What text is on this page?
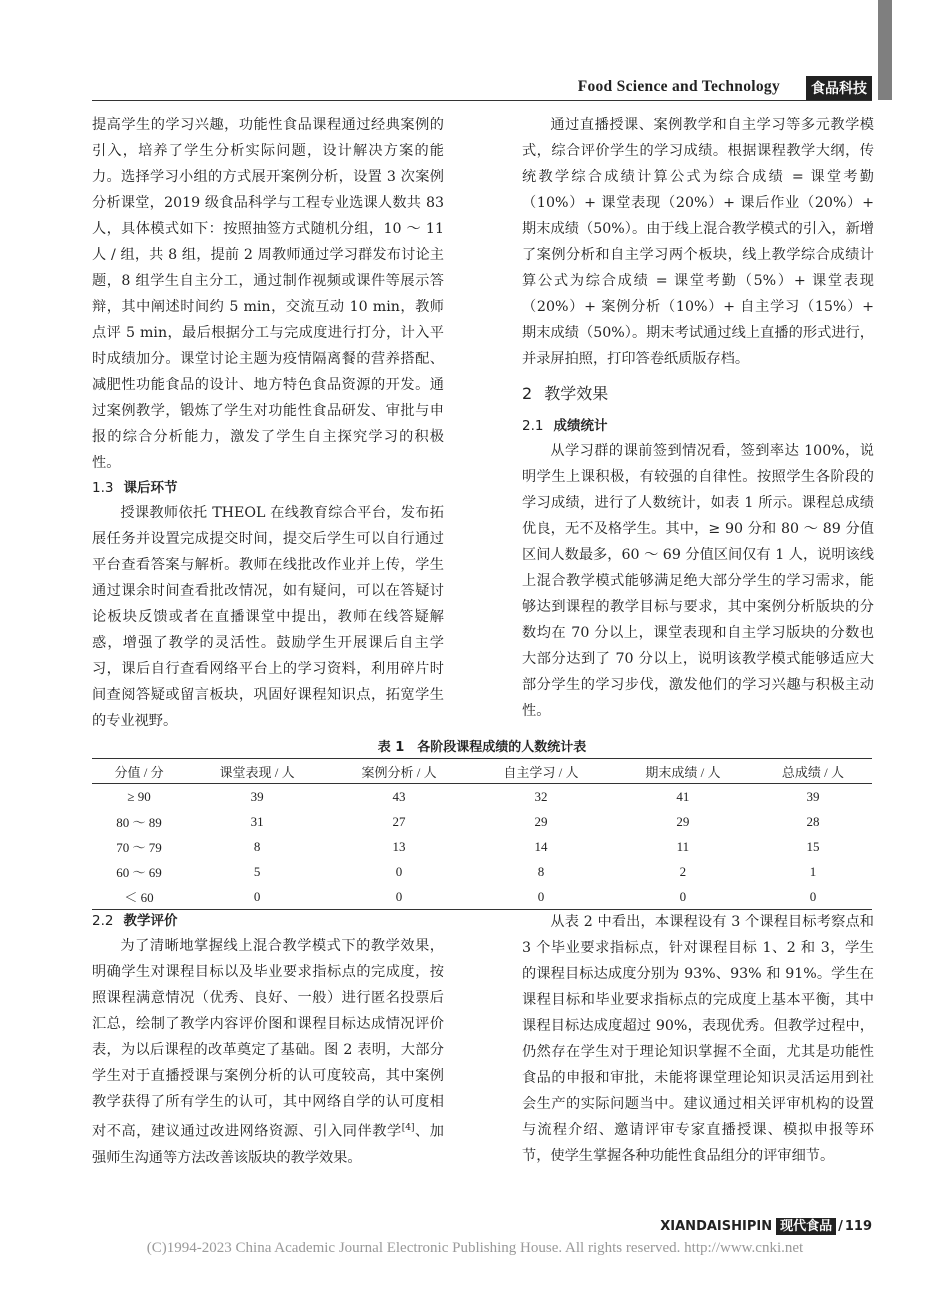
Food Science and Technology	食品科技

提高学生的学习兴趣，功能性食品课程通过经典案例的引入，培养了学生分析实际问题，设计解决方案的能力。选择学习小组的方式展开案例分析，设置 3 次案例分析课堂，2019 级食品科学与工程专业选课人数共 83 人，具体模式如下：按照抽签方式随机分组，10 ～ 11 人 / 组，共 8 组，提前 2 周教师通过学习群发布讨论主题，8 组学生自主分工，通过制作视频或课件等展示答辩，其中阐述时间约 5 min，交流互动 10 min，教师点评 5 min，最后根据分工与完成度进行打分，计入平时成绩加分。课堂讨论主题为疫情隔离餐的营养搭配、减肥性功能食品的设计、地方特色食品资源的开发。通过案例教学，锻炼了学生对功能性食品研发、审批与申报的综合分析能力，激发了学生自主探究学习的积极性。

1.3 课后环节

授课教师依托 THEOL 在线教育综合平台，发布拓展任务并设置完成提交时间，提交后学生可以自行通过平台查看答案与解析。教师在线批改作业并上传，学生通过课余时间查看批改情况，如有疑问，可以在答疑讨论板块反馈或者在直播课堂中提出，教师在线答疑解惑，增强了教学的灵活性。鼓励学生开展课后自主学习，课后自行查看网络平台上的学习资料，利用碎片时间查阅答疑或留言板块，巩固好课程知识点，拓宽学生的专业视野。

通过直播授课、案例教学和自主学习等多元教学模式，综合评价学生的学习成绩。根据课程教学大纲，传统教学综合成绩计算公式为综合成绩 = 课堂考勤（10%）+ 课堂表现（20%）+ 课后作业（20%）+ 期末成绩（50%）。由于线上混合教学模式的引入，新增了案例分析和自主学习两个板块，线上教学综合成绩计算公式为综合成绩 = 课堂考勤（5%）+ 课堂表现（20%）+ 案例分析（10%）+ 自主学习（15%）+ 期末成绩（50%）。期末考试通过线上直播的形式进行，并录屏拍照，打印答卷纸质版存档。

2 教学效果
2.1 成绩统计

从学习群的课前签到情况看，签到率达 100%，说明学生上课积极，有较强的自律性。按照学生各阶段的学习成绩，进行了人数统计，如表 1 所示。课程总成绩优良，无不及格学生。其中，≥ 90 分和 80 ～ 89 分值区间人数最多，60 ～ 69 分值区间仅有 1 人，说明该线上混合教学模式能够满足绝大部分学生的学习需求，能够达到课程的教学目标与要求，其中案例分析版块的分数均在 70 分以上，课堂表现和自主学习版块的分数也大部分达到了 70 分以上，说明该教学模式能够适应大部分学生的学习步伐，激发他们的学习兴趣与积极主动性。

表 1　各阶段课程成绩的人数统计表
分值 / 分	课堂表现 / 人	案例分析 / 人	自主学习 / 人	期末成绩 / 人	总成绩 / 人
≥ 90	39	43	32	41	39
80 ～ 89	31	27	29	29	28
70 ～ 79	8	13	14	11	15
60 ～ 69	5	0	8	2	1
＜ 60	0	0	0	0	0
2.2 教学评价

为了清晰地掌握线上混合教学模式下的教学效果，明确学生对课程目标以及毕业要求指标点的完成度，按照课程满意情况（优秀、良好、一般）进行匿名投票后汇总，绘制了教学内容评价图和课程目标达成情况评价表，为以后课程的改革奠定了基础。图 2 表明，大部分学生对于直播授课与案例分析的认可度较高，其中案例教学获得了所有学生的认可，其中网络自学的认可度相对不高，建议通过改进网络资源、引入同伴教学[4]、加强师生沟通等方法改善该版块的教学效果。

从表 2 中看出，本课程设有 3 个课程目标考察点和 3 个毕业要求指标点，针对课程目标 1、2 和 3，学生的课程目标达成度分别为 93%、93% 和 91%。学生在课程目标和毕业要求指标点的完成度上基本平衡，其中课程目标达成度超过 90%，表现优秀。但教学过程中，仍然存在学生对于理论知识掌握不全面，尤其是功能性食品的申报和审批，未能将课堂理论知识灵活运用到社会生产的实际问题当中。建议通过相关评审机构的设置与流程介绍、邀请评审专家直播授课、模拟申报等环节，使学生掌握各种功能性食品组分的评审细节。

XIANDAISHIPIN 现代食品 / 119
(C)1994-2023 China Academic Journal Electronic Publishing House. All rights reserved. http://www.cnki.net
